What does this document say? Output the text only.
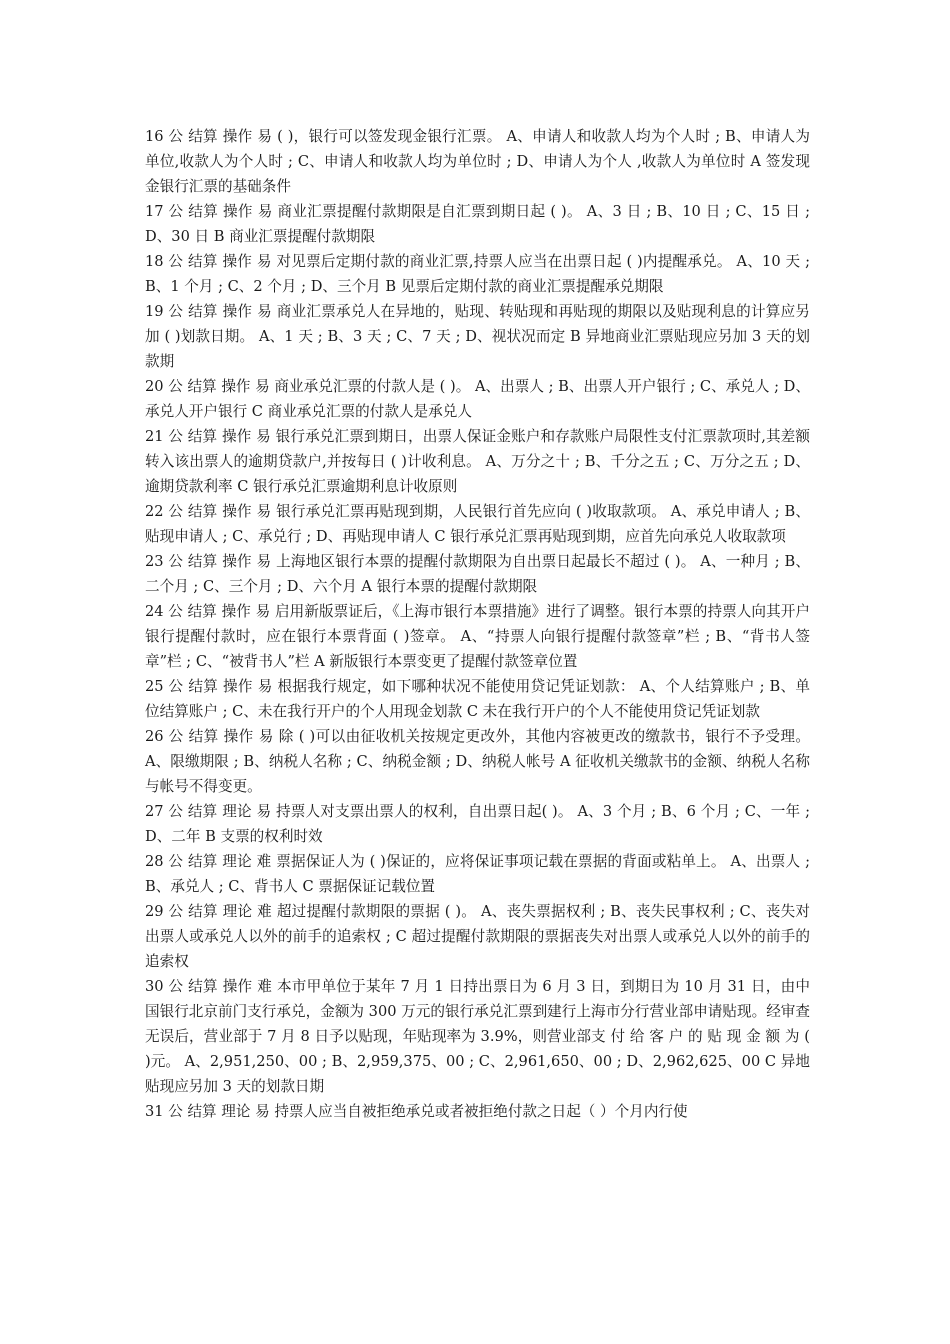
16 公 结算 操作 易 ( )，银行可以签发现金银行汇票。 A、申请人和收款人均为个人时 ; B、申请人为单位,收款人为个人时 ; C、申请人和收款人均为单位时 ; D、申请人为个人 ,收款人为单位时 A 签发现金银行汇票的基础条件

17 公 结算 操作 易 商业汇票提醒付款期限是自汇票到期日起 ( )。 A、3 日 ; B、10 日 ; C、15 日 ; D、30 日 B 商业汇票提醒付款期限

18 公 结算 操作 易 对见票后定期付款的商业汇票,持票人应当在出票日起 ( )内提醒承兑。 A、10 天 ; B、1 个月 ; C、2 个月 ; D、三个月 B 见票后定期付款的商业汇票提醒承兑期限

19 公 结算 操作 易 商业汇票承兑人在异地的，贴现、转贴现和再贴现的期限以及贴现利息的计算应另加 ( )划款日期。 A、1 天 ; B、3 天 ; C、7 天 ; D、视状况而定 B 异地商业汇票贴现应另加 3 天的划款期

20 公 结算 操作 易 商业承兑汇票的付款人是 ( )。 A、出票人 ; B、出票人开户银行 ; C、承兑人 ; D、承兑人开户银行 C 商业承兑汇票的付款人是承兑人

21 公 结算 操作 易 银行承兑汇票到期日，出票人保证金账户和存款账户局限性支付汇票款项时,其差额转入该出票人的逾期贷款户,并按每日 ( )计收利息。 A、万分之十 ; B、千分之五 ; C、万分之五 ; D、逾期贷款利率 C 银行承兑汇票逾期利息计收原则

22 公 结算 操作 易 银行承兑汇票再贴现到期，人民银行首先应向 ( )收取款项。 A、承兑申请人 ; B、贴现申请人 ; C、承兑行 ; D、再贴现申请人 C 银行承兑汇票再贴现到期，应首先向承兑人收取款项

23 公 结算 操作 易 上海地区银行本票的提醒付款期限为自出票日起最长不超过 ( )。 A、一种月 ; B、二个月 ; C、三个月 ; D、六个月 A 银行本票的提醒付款期限

24 公 结算 操作 易 启用新版票证后，《上海市银行本票措施》进行了调整。银行本票的持票人向其开户银行提醒付款时，应在银行本票背面 ( )签章。 A、“持票人向银行提醒付款签章”栏 ; B、“背书人签章”栏 ; C、“被背书人”栏 A 新版银行本票变更了提醒付款签章位置

25 公 结算 操作 易 根据我行规定，如下哪种状况不能使用贷记凭证划款： A、个人结算账户 ; B、单位结算账户 ; C、未在我行开户的个人用现金划款 C 未在我行开户的个人不能使用贷记凭证划款

26 公 结算 操作 易 除 ( )可以由征收机关按规定更改外，其他内容被更改的缴款书，银行不予受理。 A、限缴期限 ; B、纳税人名称 ; C、纳税金额 ; D、纳税人帐号 A 征收机关缴款书的金额、纳税人名称与帐号不得变更。

27 公 结算 理论 易 持票人对支票出票人的权利，自出票日起( )。 A、3 个月 ; B、6 个月 ; C、一年 ; D、二年 B 支票的权利时效

28 公 结算 理论 难 票据保证人为 ( )保证的，应将保证事项记载在票据的背面或粘单上。 A、出票人 ; B、承兑人 ; C、背书人 C 票据保证记载位置

29 公 结算 理论 难 超过提醒付款期限的票据 ( )。 A、丧失票据权利 ; B、丧失民事权利 ; C、丧失对出票人或承兑人以外的前手的追索权 ; C 超过提醒付款期限的票据丧失对出票人或承兑人以外的前手的追索权

30 公 结算 操作 难 本市甲单位于某年 7 月 1 日持出票日为 6 月 3 日，到期日为 10 月 31 日，由中国银行北京前门支行承兑，金额为 300 万元的银行承兑汇票到建行上海市分行营业部申请贴现。经审查无误后，营业部于 7 月 8 日予以贴现，年贴现率为 3.9%，则营业部支 付 给 客 户 的 贴 现 金 额 为 ( )元。 A、2,951,250、00 ; B、2,959,375、00 ; C、2,961,650、00 ; D、2,962,625、00 C 异地贴现应另加 3 天的划款日期

31 公 结算 理论 易 持票人应当自被拒绝承兑或者被拒绝付款之日起（ ）个月内行使
